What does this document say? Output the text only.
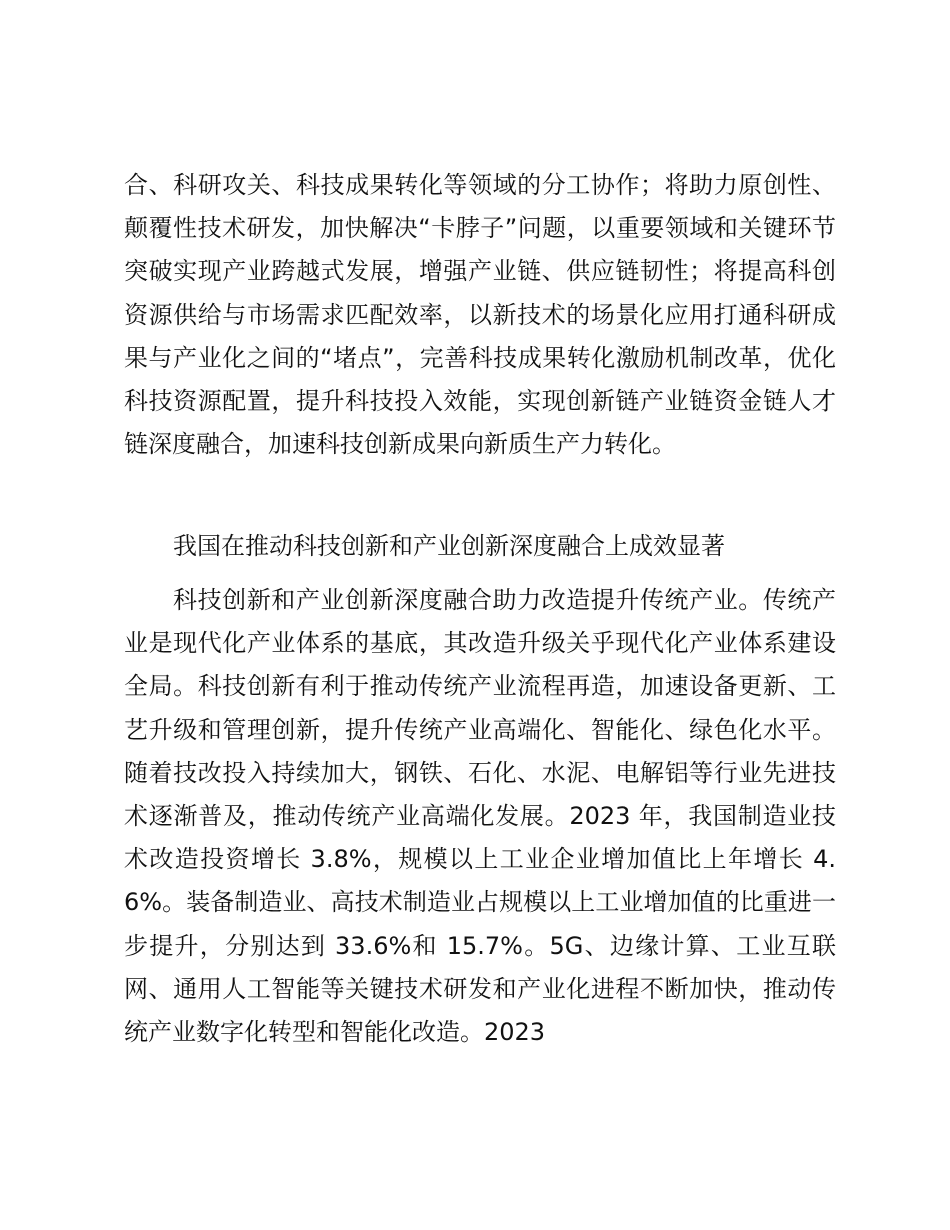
合、科研攻关、科技成果转化等领域的分工协作；将助力原创性、颠覆性技术研发，加快解决“卡脖子”问题，以重要领域和关键环节突破实现产业跨越式发展，增强产业链、供应链韧性；将提高科创资源供给与市场需求匹配效率，以新技术的场景化应用打通科研成果与产业化之间的“堵点”，完善科技成果转化激励机制改革，优化科技资源配置，提升科技投入效能，实现创新链产业链资金链人才链深度融合，加速科技创新成果向新质生产力转化。

我国在推动科技创新和产业创新深度融合上成效显著

科技创新和产业创新深度融合助力改造提升传统产业。传统产业是现代化产业体系的基底，其改造升级关乎现代化产业体系建设全局。科技创新有利于推动传统产业流程再造，加速设备更新、工艺升级和管理创新，提升传统产业高端化、智能化、绿色化水平。随着技改投入持续加大，钢铁、石化、水泥、电解铝等行业先进技术逐渐普及，推动传统产业高端化发展。2023 年，我国制造业技术改造投资增长 3.8%，规模以上工业企业增加值比上年增长 4.6%。装备制造业、高技术制造业占规模以上工业增加值的比重进一步提升，分别达到 33.6%和 15.7%。5G、边缘计算、工业互联网、通用人工智能等关键技术研发和产业化进程不断加快，推动传统产业数字化转型和智能化改造。2023
